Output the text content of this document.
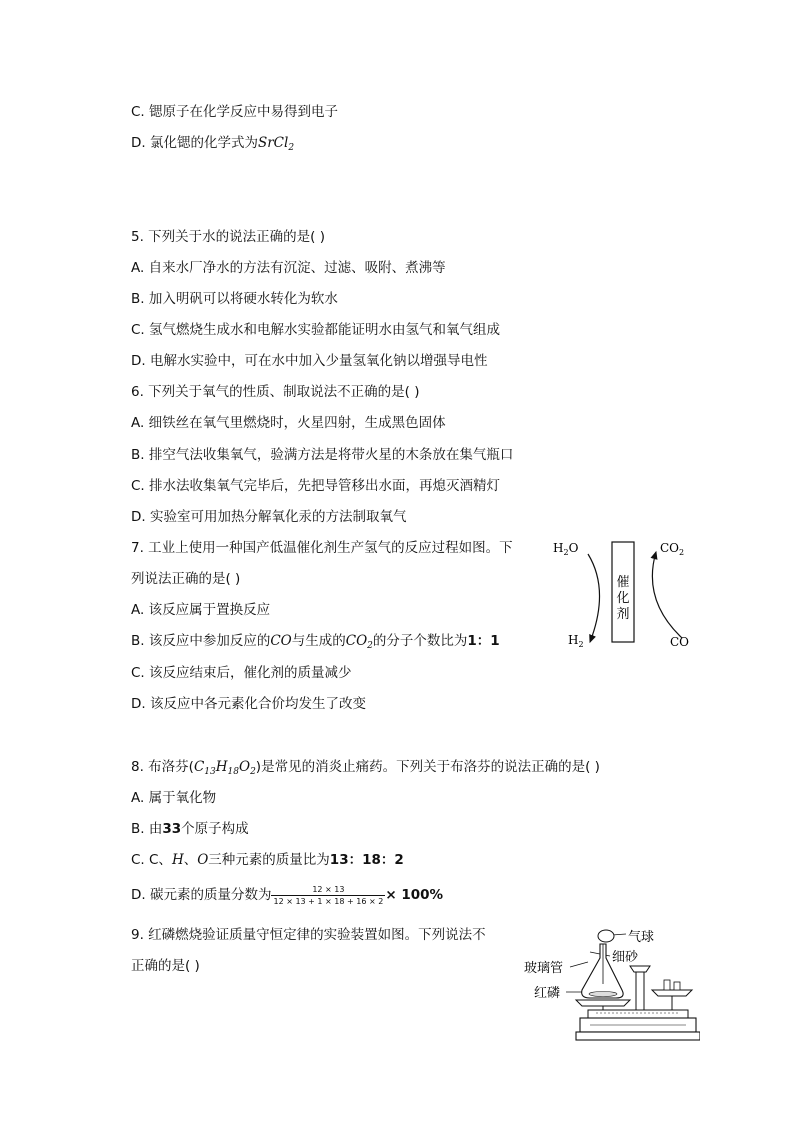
C. 锶原子在化学反应中易得到电子
D. 氯化锶的化学式为SrCl$_2$
5. 下列关于水的说法正确的是( )
A. 自来水厂净水的方法有沉淀、过滤、吸附、煮沸等
B. 加入明矾可以将硬水转化为软水
C. 氢气燃烧生成水和电解水实验都能证明水由氢气和氧气组成
D. 电解水实验中，可在水中加入少量氢氧化钠以增强导电性
6. 下列关于氧气的性质、制取说法不正确的是( )
A. 细铁丝在氧气里燃烧时，火星四射，生成黑色固体
B. 排空气法收集氧气，验满方法是将带火星的木条放在集气瓶口
C. 排水法收集氧气完毕后，先把导管移出水面，再熄灭酒精灯
D. 实验室可用加热分解氧化汞的方法制取氧气
7. 工业上使用一种国产低温催化剂生产氢气的反应过程如图。下
列说法正确的是( )
A. 该反应属于置换反应
B. 该反应中参加反应的CO与生成的$CO_2$的分子个数比为1：1
C. 该反应结束后，催化剂的质量减少
D. 该反应中各元素化合价均发生了改变
催
化
剂
$H_2O$	$CO_2$
$H_2$	CO
8. 布洛芬$(C_{13}H_{18}O_2)$是常见的消炎止痛药。下列关于布洛芬的说法正确的是( )
A. 属于氧化物
B. 由33个原子构成
C. C、H、O三种元素的质量比为13：18：2
D. 碳元素的质量分数为 $\frac{12 \times 13}{12 \times 13 + 1 \times 18 + 16 \times 2} \times 100\%$
9. 红磷燃烧验证质量守恒定律的实验装置如图。下列说法不
正确的是( )
气球
细砂
玻璃管
红磷
